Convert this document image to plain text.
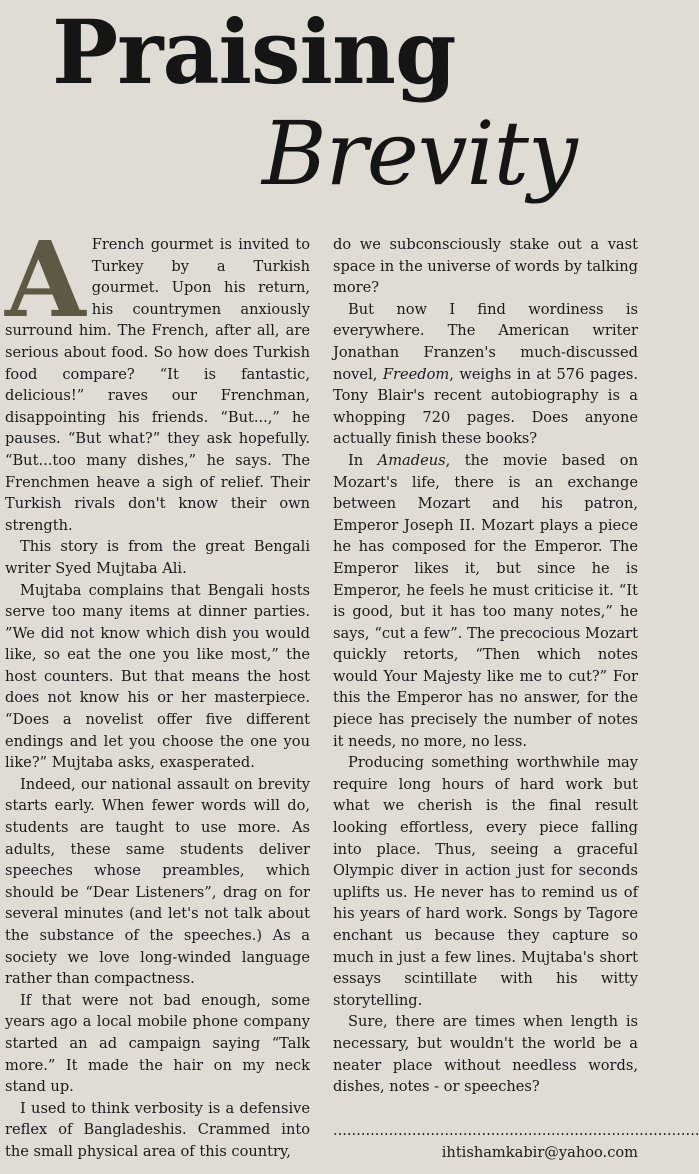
Praising
Brevity

A French gourmet is invited to Turkey by a Turkish gourmet. Upon his return, his countrymen anxiously surround him. The French, after all, are serious about food. So how does Turkish food compare? “It is fantastic, delicious!” raves our Frenchman, disappointing his friends. “But...,” he pauses. “But what?” they ask hopefully. “But...too many dishes,” he says. The Frenchmen heave a sigh of relief. Their Turkish rivals don't know their own strength.

This story is from the great Bengali writer Syed Mujtaba Ali.

Mujtaba complains that Bengali hosts serve too many items at dinner parties. ”We did not know which dish you would like, so eat the one you like most,” the host counters. But that means the host does not know his or her masterpiece. “Does a novelist offer five different endings and let you choose the one you like?” Mujtaba asks, exasperated.

Indeed, our national assault on brevity starts early. When fewer words will do, students are taught to use more. As adults, these same students deliver speeches whose preambles, which should be “Dear Listeners”, drag on for several minutes (and let's not talk about the substance of the speeches.) As a society we love long-winded language rather than compactness.

If that were not bad enough, some years ago a local mobile phone company started an ad campaign saying “Talk more.” It made the hair on my neck stand up.

I used to think verbosity is a defensive reflex of Bangladeshis. Crammed into the small physical area of this country,

do we subconsciously stake out a vast space in the universe of words by talking more?

But now I find wordiness is everywhere. The American writer Jonathan Franzen's much-discussed novel, Freedom, weighs in at 576 pages. Tony Blair's recent autobiography is a whopping 720 pages. Does anyone actually finish these books?

In Amadeus, the movie based on Mozart's life, there is an exchange between Mozart and his patron, Emperor Joseph II. Mozart plays a piece he has composed for the Emperor. The Emperor likes it, but since he is Emperor, he feels he must criticise it. “It is good, but it has too many notes,” he says, “cut a few”. The precocious Mozart quickly retorts, “Then which notes would Your Majesty like me to cut?” For this the Emperor has no answer, for the piece has precisely the number of notes it needs, no more, no less.

Producing something worthwhile may require long hours of hard work but what we cherish is the final result looking effortless, every piece falling into place. Thus, seeing a graceful Olympic diver in action just for seconds uplifts us. He never has to remind us of his years of hard work. Songs by Tagore enchant us because they capture so much in just a few lines. Mujtaba's short essays scintillate with his witty storytelling.

Sure, there are times when length is necessary, but wouldn't the world be a neater place without needless words, dishes, notes - or speeches?

...............................................................................
ihtishamkabir@yahoo.com
